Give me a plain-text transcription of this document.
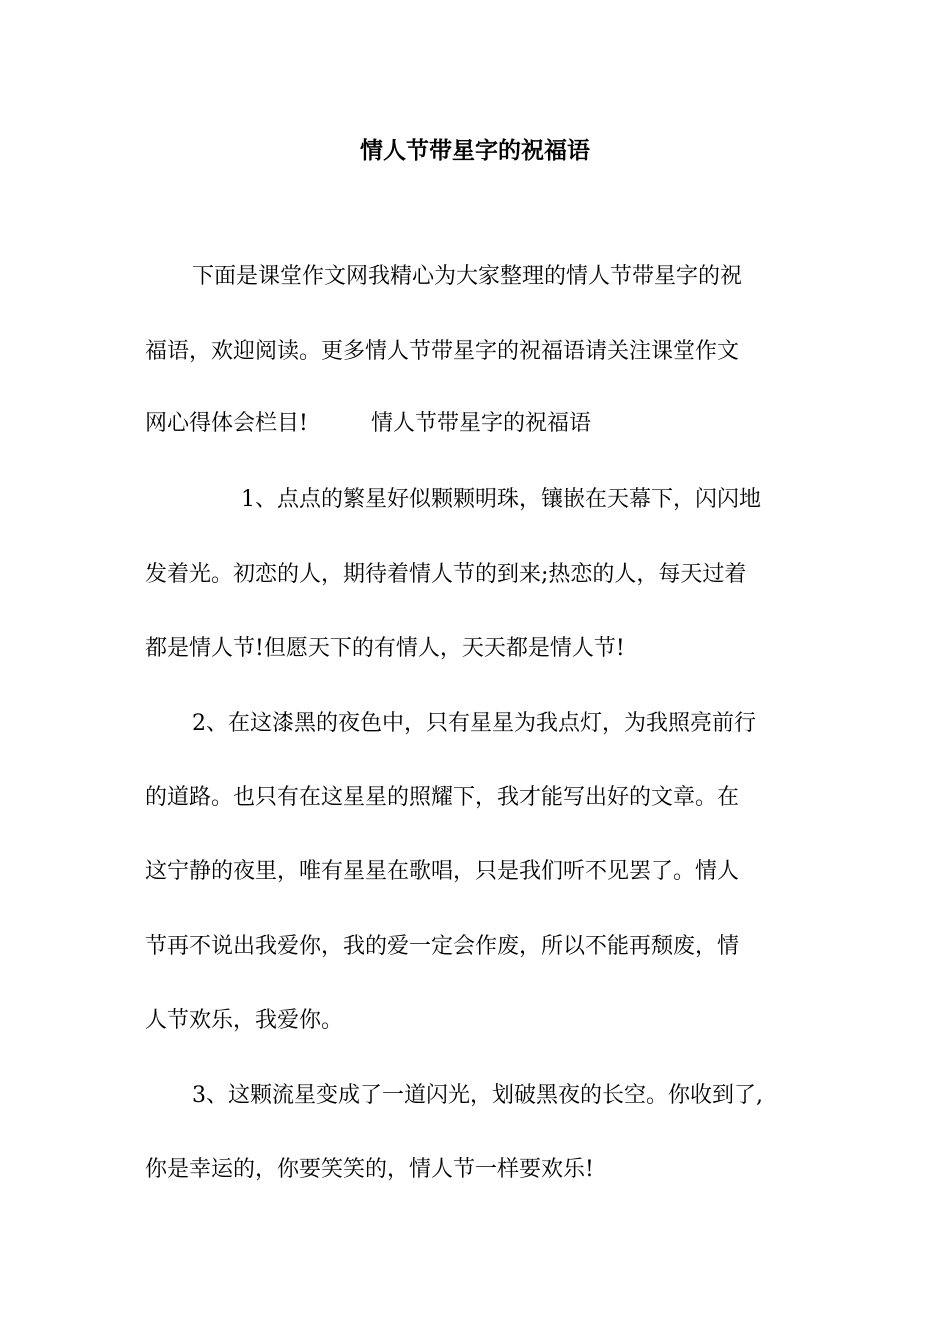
情人节带星字的祝福语
下面是课堂作文网我精心为大家整理的情人节带星字的祝
福语，欢迎阅读。更多情人节带星字的祝福语请关注课堂作文
网心得体会栏目!	情人节带星字的祝福语
1、点点的繁星好似颗颗明珠，镶嵌在天幕下，闪闪地
发着光。初恋的人，期待着情人节的到来;热恋的人，每天过着
都是情人节!但愿天下的有情人，天天都是情人节!
2、在这漆黑的夜色中，只有星星为我点灯，为我照亮前行
的道路。也只有在这星星的照耀下，我才能写出好的文章。在
这宁静的夜里，唯有星星在歌唱，只是我们听不见罢了。情人
节再不说出我爱你，我的爱一定会作废，所以不能再颓废，情
人节欢乐，我爱你。
3、这颗流星变成了一道闪光，划破黑夜的长空。你收到了,
你是幸运的，你要笑笑的，情人节一样要欢乐!
